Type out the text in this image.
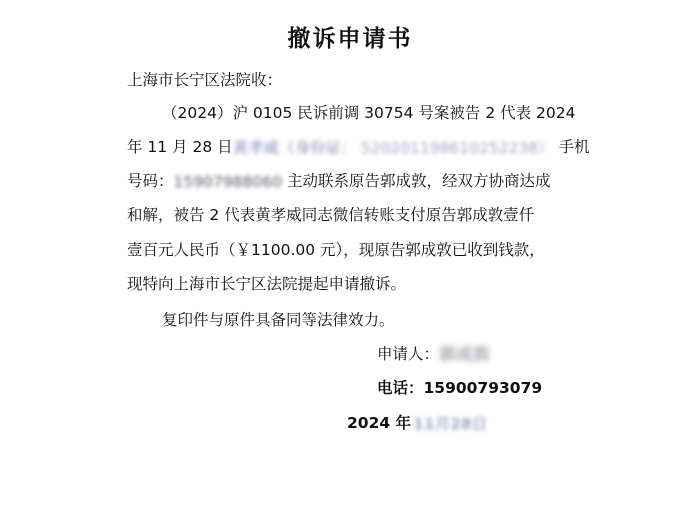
撤诉申请书
上海市长宁区法院收：
（2024）沪 0105 民诉前调 30754 号案被告 2 代表 2024
年 11 月 28 日黄孝威（身份证： 520201198610252238） 手机
号码：15907988060 主动联系原告郭成敦，经双方协商达成
和解，被告 2 代表黄孝威同志微信转账支付原告郭成敦壹仟
壹百元人民币（￥1100.00 元），现原告郭成敦已收到钱款，
现特向上海市长宁区法院提起申请撤诉。
复印件与原件具备同等法律效力。
申请人：郭成敦
电话：15900793079
2024 年 11月28日
